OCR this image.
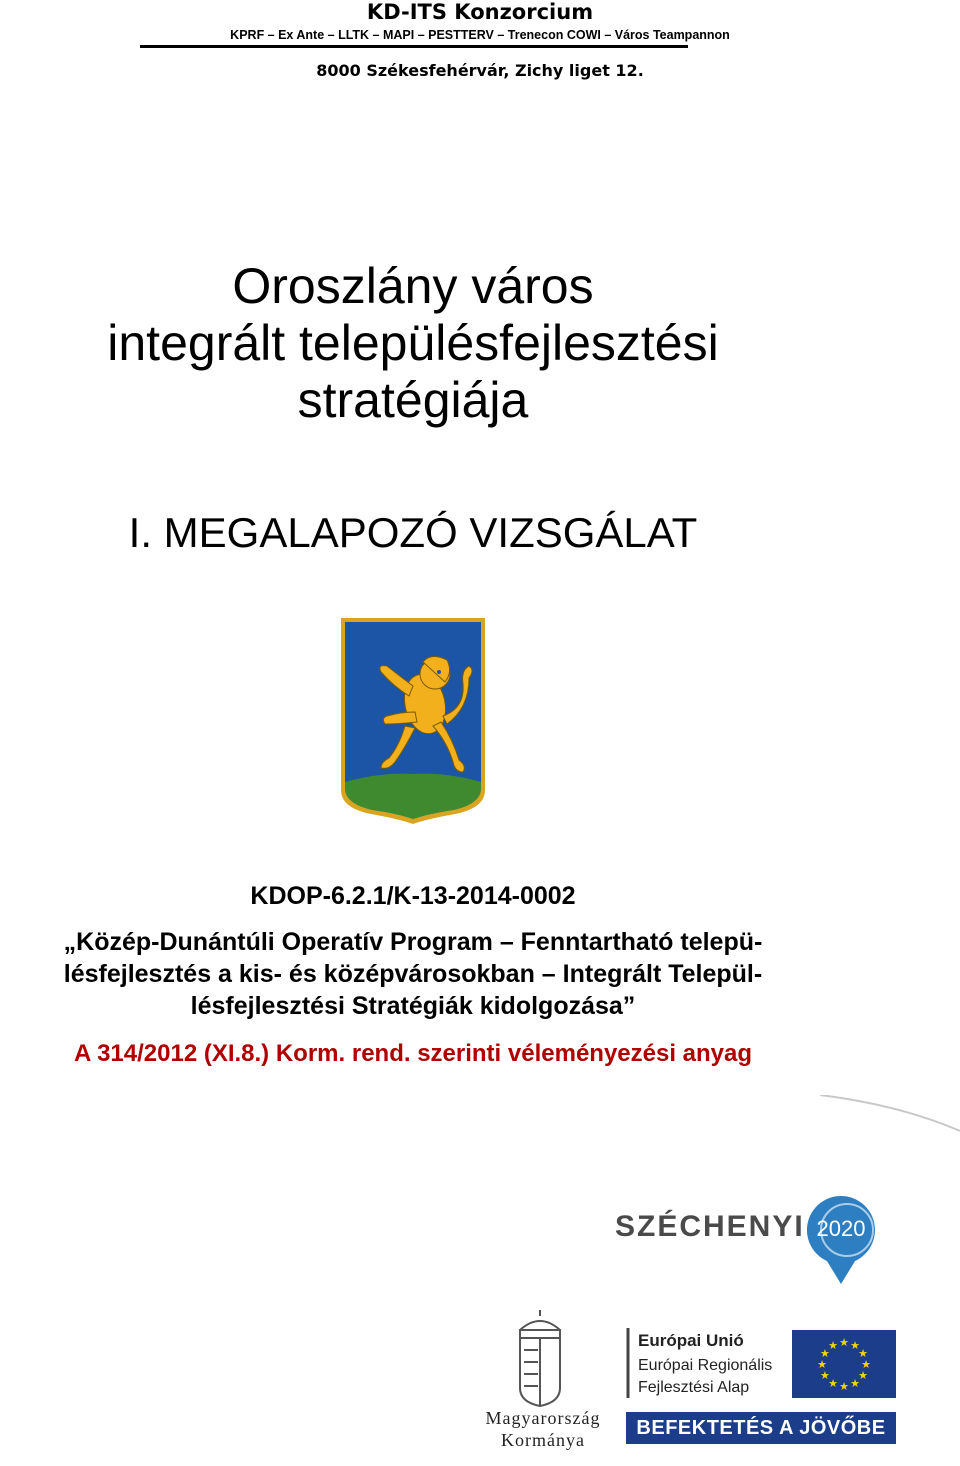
KD-ITS Konzorcium
KPRF – Ex Ante – LLTK – MAPI – PESTTERV – Trenecon COWI – Város Teampannon
8000 Székesfehérvár, Zichy liget 12.
Oroszlány város
integrált településfejlesztési
stratégiája
I. MEGALAPOZÓ VIZSGÁLAT
KDOP-6.2.1/K-13-2014-0002
„Közép-Dunántúli Operatív Program – Fenntartható telepü-
lésfejlesztés a kis- és középvárosokban – Integrált Települ-
lésfejlesztési Stratégiák kidolgozása”
A 314/2012 (XI.8.) Korm. rend. szerinti véleményezési anyag
SZÉCHENYI 2020
Magyarország
Kormánya
Európai Unió
Európai Regionális
Fejlesztési Alap
★ ★
★
★
★
★
★
★
★
★
★
★
BEFEKTETÉS A JÖVŐBE
